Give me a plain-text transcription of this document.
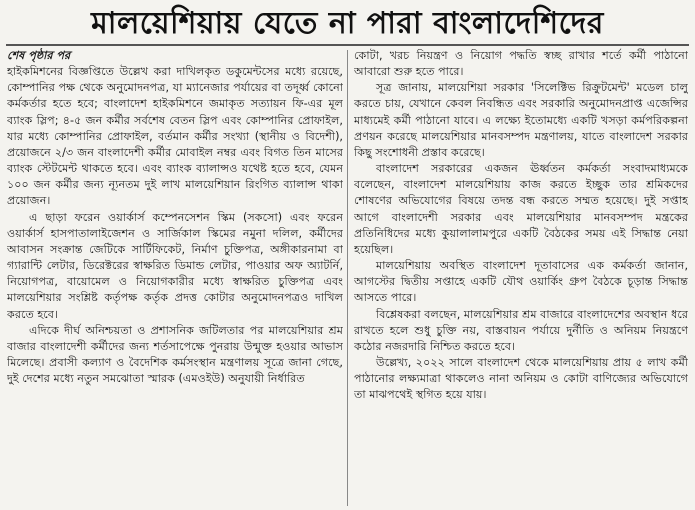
মালয়েশিয়ায় যেতে না পারা বাংলাদেশিদের

শেষ পৃষ্ঠার পর

হাইকমিশনের বিজ্ঞপ্তিতে উল্লেখ করা দাখিলকৃত ডকুমেন্টসের মধ্যে রয়েছে, কোম্পানির পক্ষ থেকে অনুমোদনপত্র, যা ম্যানেজার পর্যায়ের বা তদূর্ধ্ব কোনো কর্মকর্তার হতে হবে; বাংলাদেশ হাইকমিশনে জমাকৃত সত্যায়ন ফি-এর মূল ব্যাংক স্লিপ; ৪-৫ জন কর্মীর সর্বশেষ বেতন স্লিপ এবং কোম্পানির প্রোফাইল, যার মধ্যে কোম্পানির প্রোফাইল, বর্তমান কর্মীর সংখ্যা (স্থানীয় ও বিদেশী), প্রয়োজনে ২/৩ জন বাংলাদেশী কর্মীর মোবাইল নম্বর এবং বিগত তিন মাসের ব্যাংক স্টেটমেন্ট থাকতে হবে। এবং ব্যাংক ব্যালান্সও যথেষ্ট হতে হবে, যেমন ১০০ জন কর্মীর জন্য ন্যূনতম দুই লাখ মালয়েশিয়ান রিংগিত ব্যালান্স থাকা প্রয়োজন।

এ ছাড়া ফরেন ওয়ার্কার্স কম্পেনসেশন স্কিম (সকসো) এবং ফরেন ওয়ার্কার্স হাসপাতালাইজেশন ও সার্জিকাল স্কিমের নমুনা দলিল, কর্মীদের আবাসন সংক্রান্ত জেটিকে সার্টিফিকেট, নির্মাণ চুক্তিপত্র, অঙ্গীকারনামা বা গ্যারান্টি লেটার, ডিরেক্টরের স্বাক্ষরিত ডিমান্ড লেটার, পাওয়ার অফ অ্যাটর্নি, নিয়োগপত্র, বায়োমেল ও নিয়োগকারীর মধ্যে স্বাক্ষরিত চুক্তিপত্র এবং মালয়েশিয়ার সংশ্লিষ্ট কর্তৃপক্ষ কর্তৃক প্রদত্ত কোটার অনুমোদনপত্রও দাখিল করতে হবে।

এদিকে দীর্ঘ অনিশ্চয়তা ও প্রশাসনিক জটিলতার পর মালয়েশিয়ার শ্রম বাজার বাংলাদেশী কর্মীদের জন্য শর্তসাপেক্ষে পুনরায় উন্মুক্ত হওয়ার আভাস মিলেছে। প্রবাসী কল্যাণ ও বৈদেশিক কর্মসংস্থান মন্ত্রণালয় সূত্রে জানা গেছে, দুই দেশের মধ্যে নতুন সমঝোতা স্মারক (এমওইউ) অনুযায়ী নির্ধারিত

কোটা, খরচ নিয়ন্ত্রণ ও নিয়োগ পদ্ধতি স্বচ্ছ রাখার শর্তে কর্মী পাঠানো আবারো শুরু হতে পারে।

সূত্র জানায়, মালয়েশিয়া সরকার 'সিলেক্টিভ রিক্রুটমেন্ট' মডেল চালু করতে চায়, যেখানে কেবল নিবন্ধিত এবং সরকারি অনুমোদনপ্রাপ্ত এজেন্সির মাধ্যমেই কর্মী পাঠানো যাবে। এ লক্ষ্যে ইতোমধ্যে একটি খসড়া কর্মপরিকল্পনা প্রণয়ন করেছে মালয়েশিয়ার মানবসম্পদ মন্ত্রণালয়, যাতে বাংলাদেশ সরকার কিছু সংশোধনী প্রস্তাব করেছে।

বাংলাদেশ সরকারের একজন ঊর্ধ্বতন কর্মকর্তা সংবাদমাধ্যমকে বলেছেন, বাংলাদেশ মালয়েশিয়ায় কাজ করতে ইচ্ছুক তার শ্রমিকদের শোষণের অভিযোগের বিষয়ে তদন্ত বন্ধ করতে সম্মত হয়েছে। দুই সপ্তাহ আগে বাংলাদেশী সরকার এবং মালয়েশিয়ার মানবসম্পদ মন্ত্রকের প্রতিনিধিদের মধ্যে কুয়ালালামপুরে একটি বৈঠকের সময় এই সিদ্ধান্ত নেয়া হয়েছিল।

মালয়েশিয়ায় অবস্থিত বাংলাদেশ দূতাবাসের এক কর্মকর্তা জানান, আগস্টের দ্বিতীয় সপ্তাহে একটি যৌথ ওয়ার্কিং গ্রুপ বৈঠকে চূড়ান্ত সিদ্ধান্ত আসতে পারে।

বিশ্লেষকরা বলছেন, মালয়েশিয়ার শ্রম বাজারে বাংলাদেশের অবস্থান ধরে রাখতে হলে শুধু চুক্তি নয়, বাস্তবায়ন পর্যায়ে দুর্নীতি ও অনিয়ম নিয়ন্ত্রণে কঠোর নজরদারি নিশ্চিত করতে হবে।

উল্লেখ্য, ২০২২ সালে বাংলাদেশ থেকে মালয়েশিয়ায় প্রায় ৫ লাখ কর্মী পাঠানোর লক্ষ্যমাত্রা থাকলেও নানা অনিয়ম ও কোটা বাণিজ্যের অভিযোগে তা মাঝপথেই স্থগিত হয়ে যায়।
